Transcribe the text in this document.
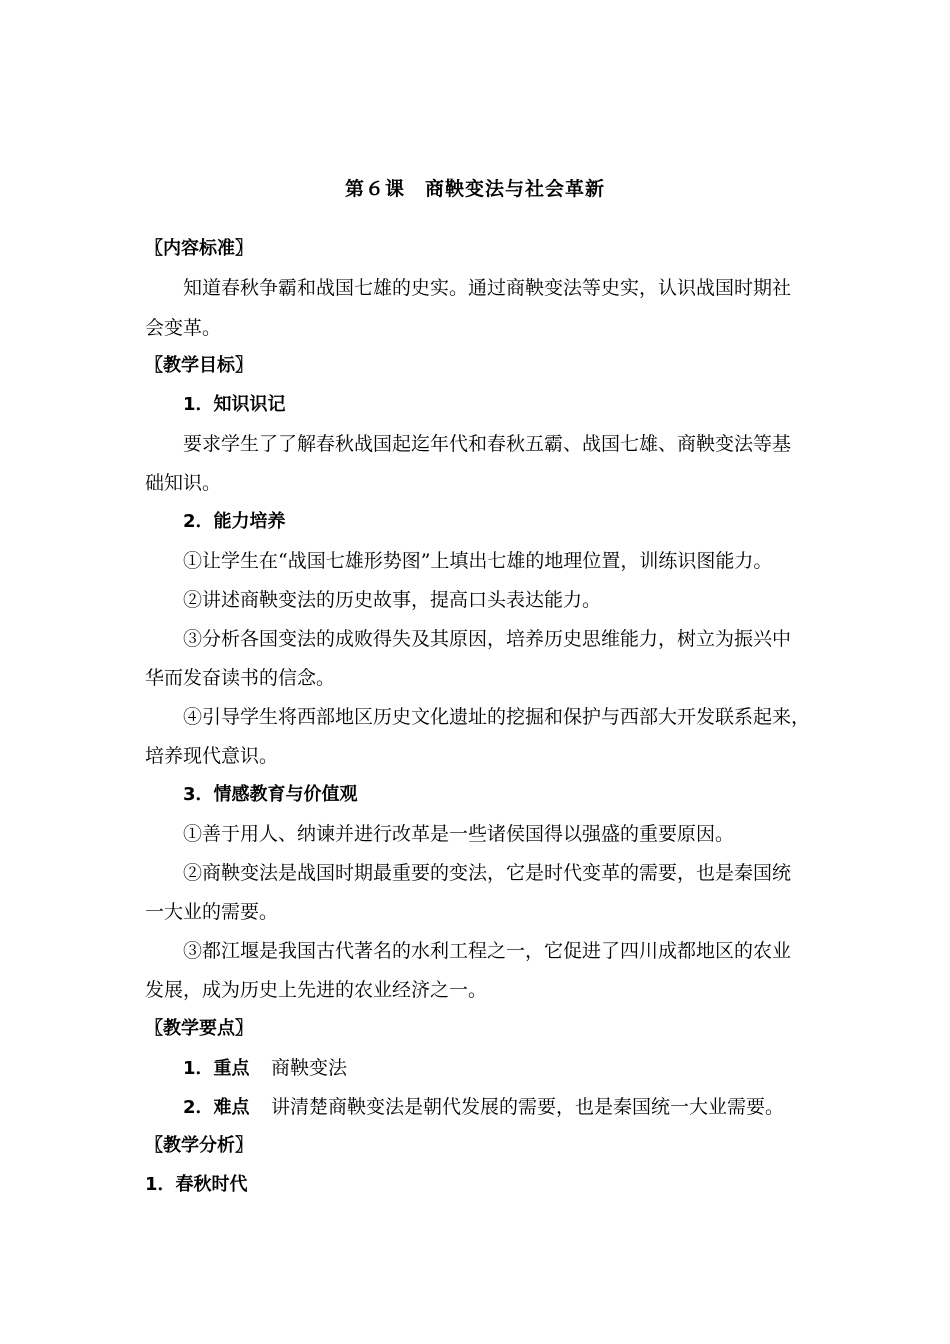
第６课 商鞅变法与社会革新
〖内容标准〗
知道春秋争霸和战国七雄的史实。通过商鞅变法等史实，认识战国时期社
会变革。
〖教学目标〗
1．知识识记
要求学生了了解春秋战国起迄年代和春秋五霸、战国七雄、商鞅变法等基
础知识。
2．能力培养
①让学生在“战国七雄形势图”上填出七雄的地理位置，训练识图能力。
②讲述商鞅变法的历史故事，提高口头表达能力。
③分析各国变法的成败得失及其原因，培养历史思维能力，树立为振兴中
华而发奋读书的信念。
④引导学生将西部地区历史文化遗址的挖掘和保护与西部大开发联系起来，
培养现代意识。
3．情感教育与价值观
①善于用人、纳谏并进行改革是一些诸侯国得以强盛的重要原因。
②商鞅变法是战国时期最重要的变法，它是时代变革的需要，也是秦国统
一大业的需要。
③都江堰是我国古代著名的水利工程之一，它促进了四川成都地区的农业
发展，成为历史上先进的农业经济之一。
〖教学要点〗
1．重点 商鞅变法
2．难点 讲清楚商鞅变法是朝代发展的需要，也是秦国统一大业需要。
〖教学分析〗
1．春秋时代
